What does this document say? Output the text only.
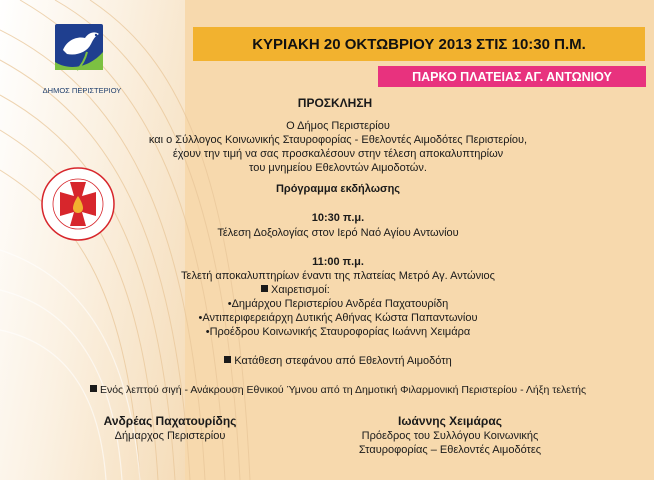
ΔΗΜΟΣ ΠΕΡΙΣΤΕΡΙΟΥ
ΚΥΡΙΑΚΗ 20 ΟΚΤΩΒΡΙΟΥ 2013 ΣΤΙΣ 10:30 Π.Μ.
ΠΑΡΚΟ ΠΛΑΤΕΙΑΣ ΑΓ. ΑΝΤΩΝΙΟΥ
ΠΡΟΣΚΛΗΣΗ
Ο Δήμος Περιστερίου
και ο Σύλλογος Κοινωνικής Σταυροφορίας - Εθελοντές Αιμοδότες Περιστερίου,
έχουν την τιμή να σας προσκαλέσουν στην τέλεση αποκαλυπτηρίων
του μνημείου Εθελοντών Αιμοδοτών.
Πρόγραμμα εκδήλωσης
10:30 π.μ.
Τέλεση Δοξολογίας στον Ιερό Ναό Αγίου Αντωνίου
11:00 π.μ.
Τελετή αποκαλυπτηρίων έναντι της πλατείας Μετρό Αγ. Αντώνιος
Χαιρετισμοί:
•Δημάρχου Περιστερίου Ανδρέα Παχατουρίδη
•Αντιπεριφερειάρχη Δυτικής Αθήνας Κώστα Παπαντωνίου
•Προέδρου Κοινωνικής Σταυροφορίας Ιωάννη Χειμάρα
Κατάθεση στεφάνου από Εθελοντή Αιμοδότη
Ενός λεπτού σιγή - Ανάκρουση Εθνικού Ύμνου από τη Δημοτική Φιλαρμονική Περιστερίου - Λήξη τελετής
Ανδρέας Παχατουρίδης
Δήμαρχος Περιστερίου
Ιωάννης Χειμάρας
Πρόεδρος του Συλλόγου Κοινωνικής
Σταυροφορίας – Εθελοντές Αιμοδότες
